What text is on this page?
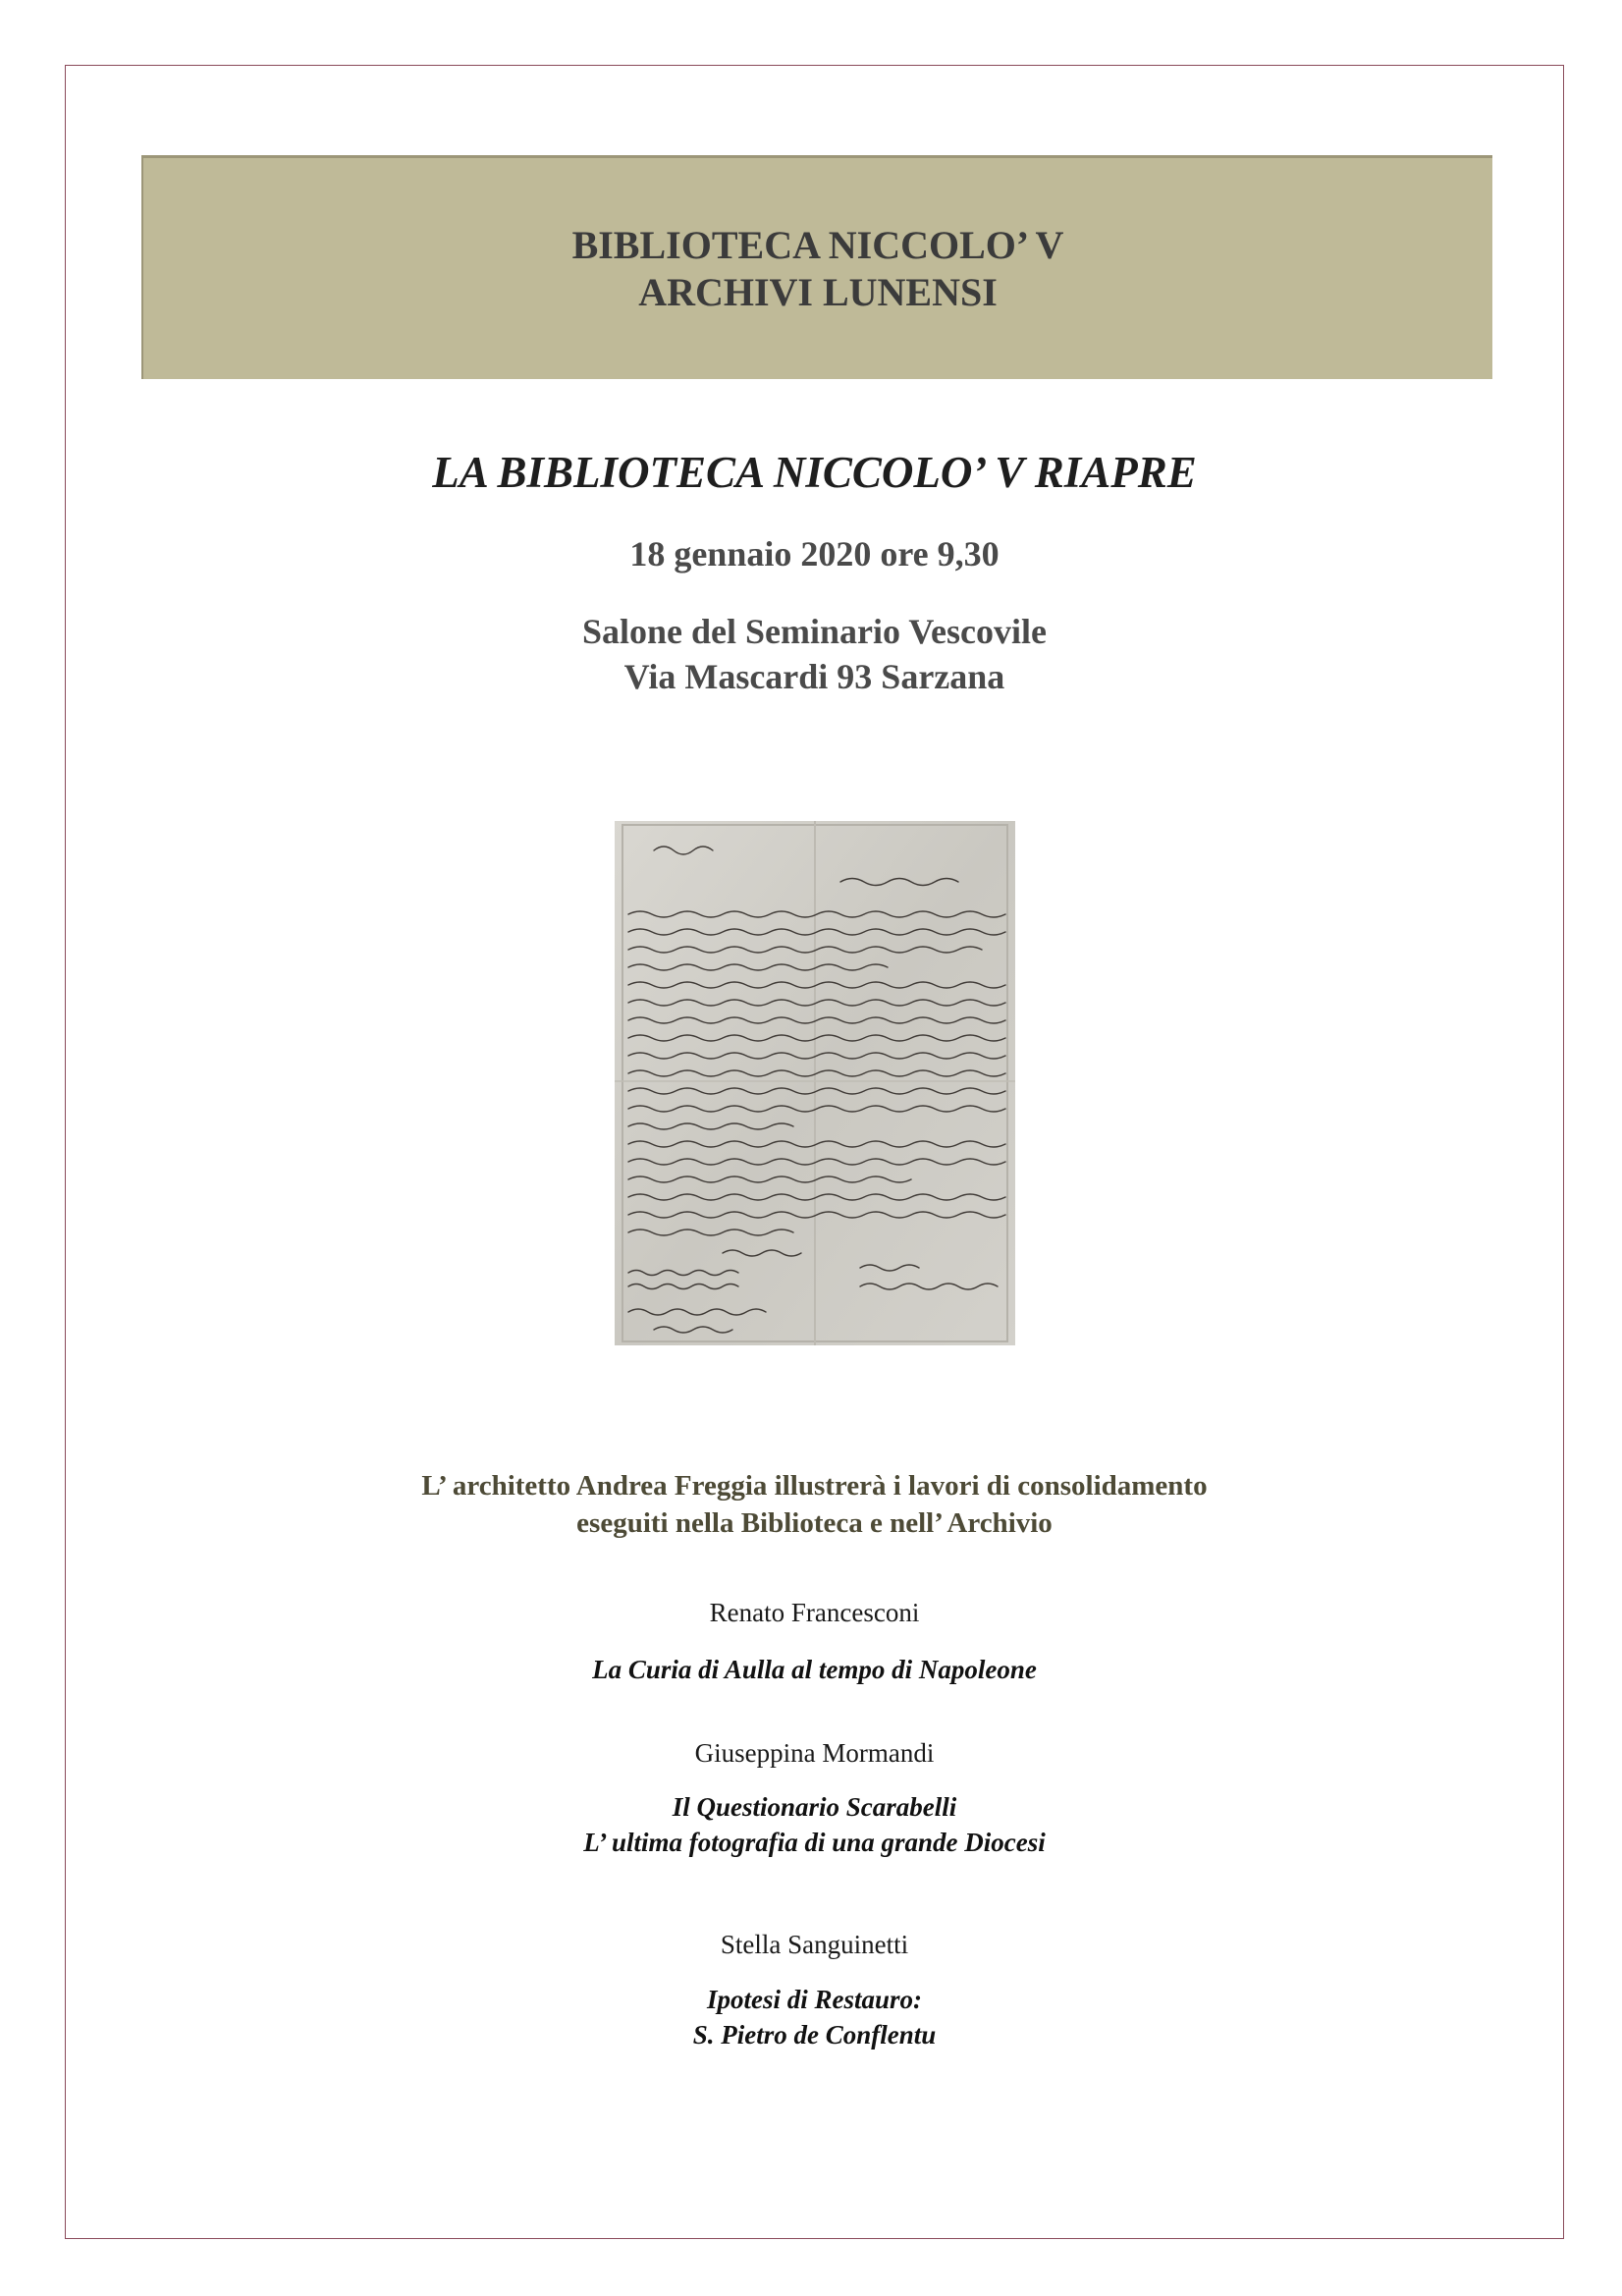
BIBLIOTECA NICCOLO’ V
ARCHIVI LUNENSI
LA BIBLIOTECA NICCOLO’ V RIAPRE
18 gennaio 2020 ore 9,30
Salone del Seminario Vescovile
Via Mascardi 93 Sarzana
L’ architetto Andrea Freggia illustrerà i lavori di consolidamento
eseguiti nella Biblioteca e nell’ Archivio
Renato Francesconi
La Curia di Aulla al tempo di Napoleone
Giuseppina Mormandi
Il Questionario Scarabelli
L’ ultima fotografia di una grande Diocesi
Stella Sanguinetti
Ipotesi di Restauro:
S. Pietro de Conflentu
